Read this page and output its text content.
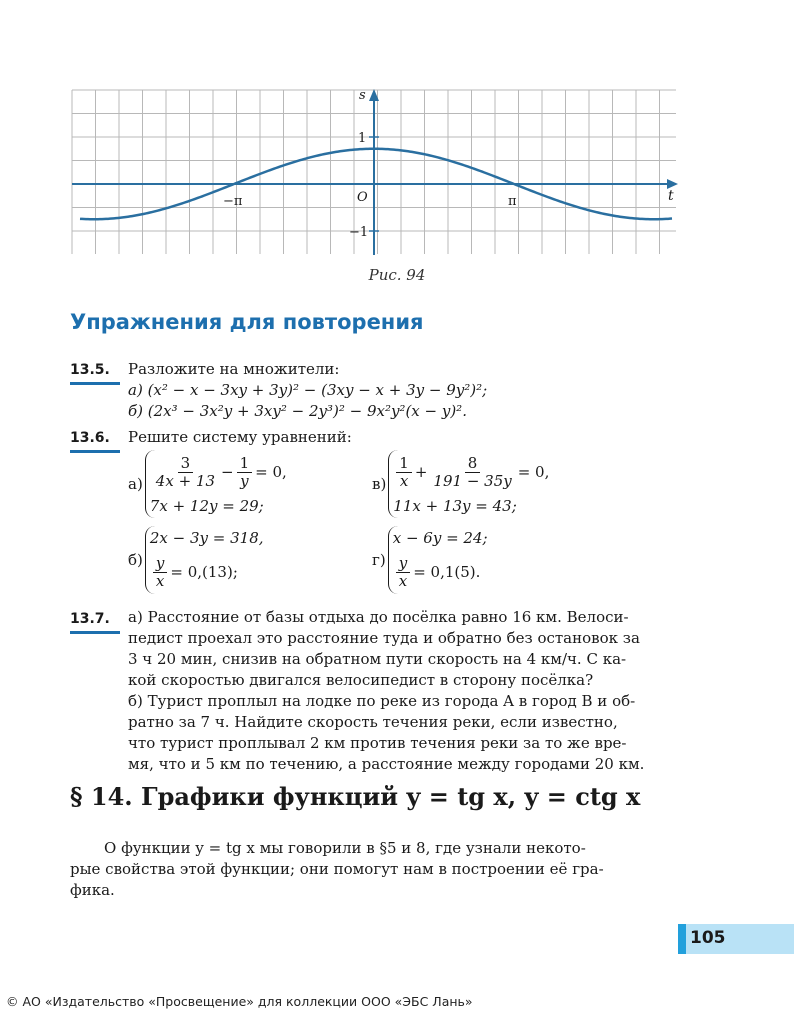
s
t
O
1
−1
−π	π
Рис. 94
Упражнения для повторения
13.5. Разложите на множители:
а) (x² − x − 3xy + 3y)² − (3xy − x + 3y − 9y²)²;
б) (2x³ − 3x²y + 3xy² − 2y³)² − 9x²y²(x − y)².
13.6. Решите систему уравнений:
$а) \frac{3}{4x + 13} - \frac{1}{y} = 0$,
7x + 12y = 29;
$в) \frac{1}{x} + \frac{8}{191 - 35y} = 0$,
11x + 13y = 43;
б)
2x − 3y = 318,
$\frac{y}{x} = 0,(13)$;
г)
x − 6y = 24;
$\frac{y}{x} = 0,1(5)$.
13.7. а) Расстояние от базы отдыха до посёлка равно 16 км. Велоси-
педист проехал это расстояние туда и обратно без остановок за
3 ч 20 мин, снизив на обратном пути скорость на 4 км/ч. С ка-
кой скоростью двигался велосипедист в сторону посёлка?
б) Турист проплыл на лодке по реке из города A в город B и об-
ратно за 7 ч. Найдите скорость течения реки, если известно,
что турист проплывал 2 км против течения реки за то же вре-
мя, что и 5 км по течению, а расстояние между городами 20 км.
§ 14. Графики функций y = tg x, y = ctg x
О функции y = tg x мы говорили в §5 и 8, где узнали некото-
рые свойства этой функции; они помогут нам в построении её гра-
фика.
105
© АО «Издательство «Просвещение» для коллекции ООО «ЭБС Лань»
